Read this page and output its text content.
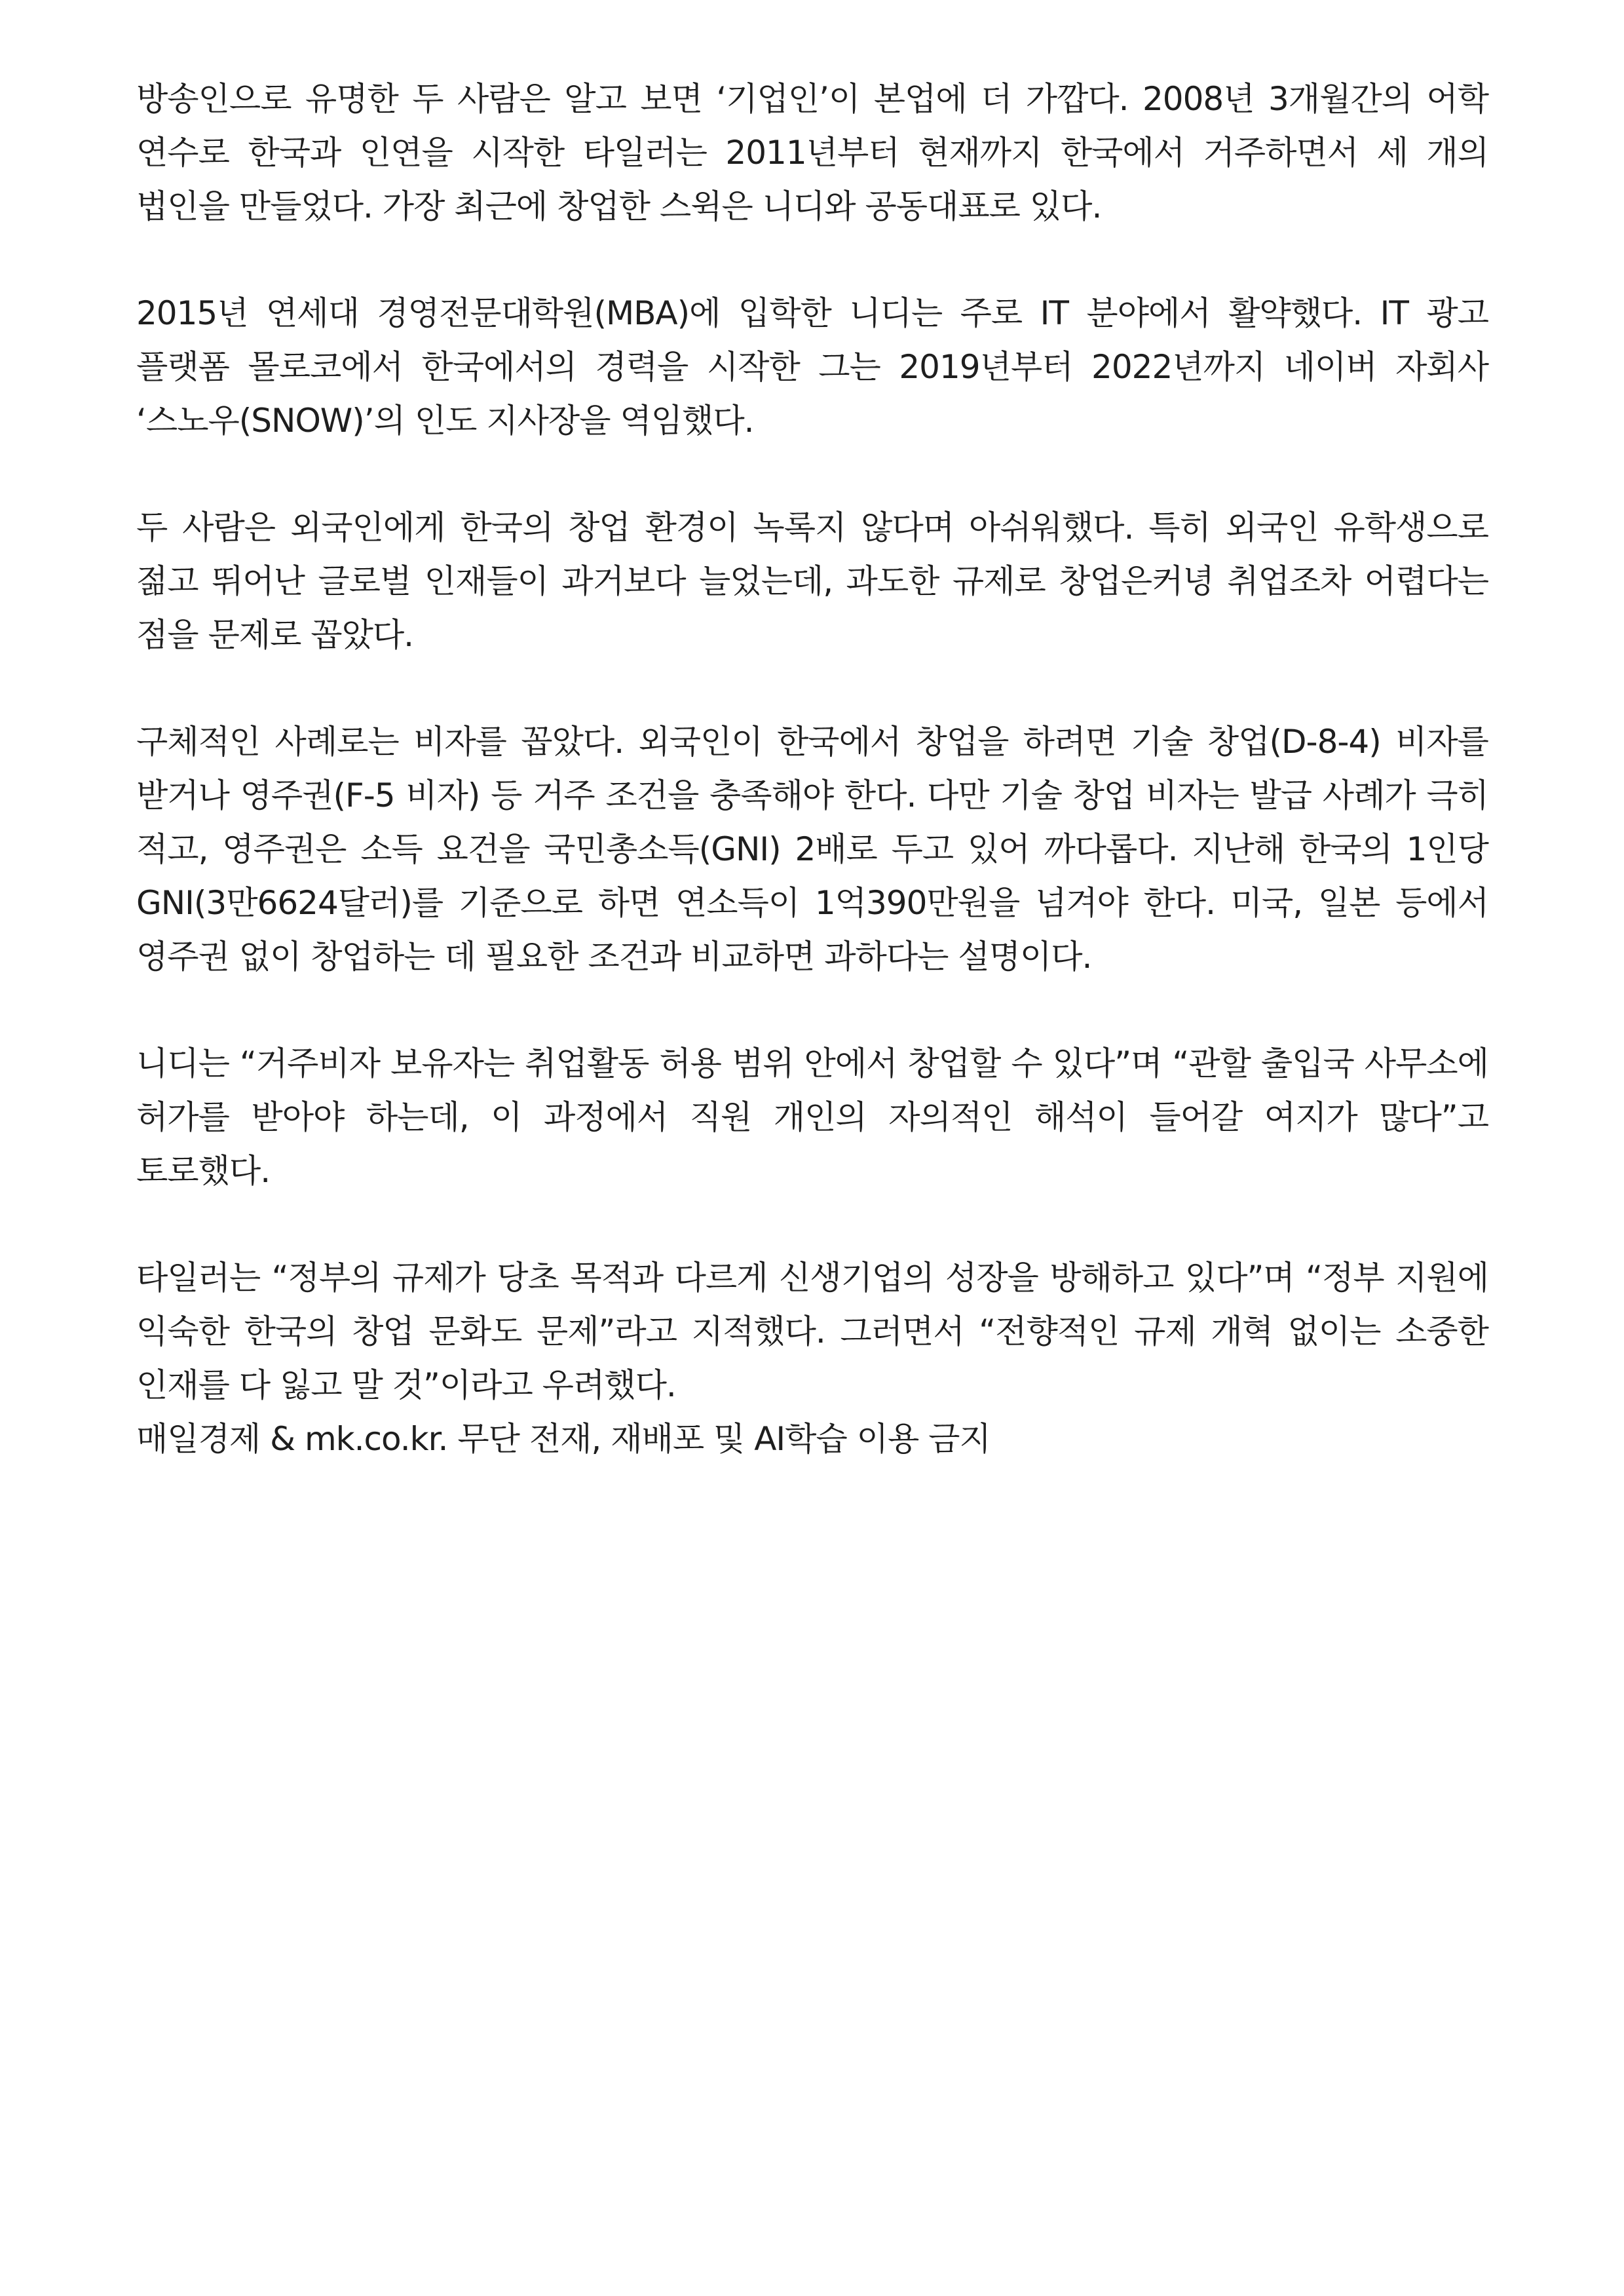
방송인으로 유명한 두 사람은 알고 보면 ‘기업인’이 본업에 더 가깝다. 2008년 3개월간의 어학 연수로 한국과 인연을 시작한 타일러는 2011년부터 현재까지 한국에서 거주하면서 세 개의 법인을 만들었다. 가장 최근에 창업한 스윅은 니디와 공동대표로 있다.

2015년 연세대 경영전문대학원(MBA)에 입학한 니디는 주로 IT 분야에서 활약했다. IT 광고 플랫폼 몰로코에서 한국에서의 경력을 시작한 그는 2019년부터 2022년까지 네이버 자회사 ‘스노우(SNOW)’의 인도 지사장을 역임했다.

두 사람은 외국인에게 한국의 창업 환경이 녹록지 않다며 아쉬워했다. 특히 외국인 유학생으로 젊고 뛰어난 글로벌 인재들이 과거보다 늘었는데, 과도한 규제로 창업은커녕 취업조차 어렵다는 점을 문제로 꼽았다.

구체적인 사례로는 비자를 꼽았다. 외국인이 한국에서 창업을 하려면 기술 창업(D-8-4) 비자를 받거나 영주권(F-5 비자) 등 거주 조건을 충족해야 한다. 다만 기술 창업 비자는 발급 사례가 극히 적고, 영주권은 소득 요건을 국민총소득(GNI) 2배로 두고 있어 까다롭다. 지난해 한국의 1인당 GNI(3만6624달러)를 기준으로 하면 연소득이 1억390만원을 넘겨야 한다. 미국, 일본 등에서 영주권 없이 창업하는 데 필요한 조건과 비교하면 과하다는 설명이다.

니디는 “거주비자 보유자는 취업활동 허용 범위 안에서 창업할 수 있다”며 “관할 출입국 사무소에 허가를 받아야 하는데, 이 과정에서 직원 개인의 자의적인 해석이 들어갈 여지가 많다”고 토로했다.

타일러는 “정부의 규제가 당초 목적과 다르게 신생기업의 성장을 방해하고 있다”며 “정부 지원에 익숙한 한국의 창업 문화도 문제”라고 지적했다. 그러면서 “전향적인 규제 개혁 없이는 소중한 인재를 다 잃고 말 것”이라고 우려했다.

매일경제 & mk.co.kr. 무단 전재, 재배포 및 AI학습 이용 금지
